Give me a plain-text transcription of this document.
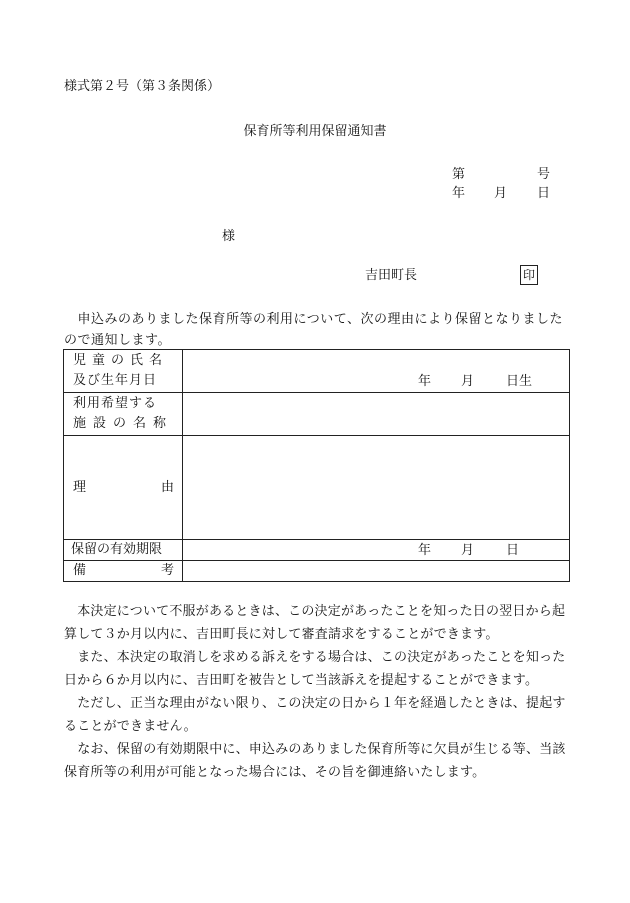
様式第２号（第３条関係）
保育所等利用保留通知書
第	号
年 月 日
様
吉田町長	印
　申込みのありました保育所等の利用について、次の理由により保留となりましたので通知します。
児童の氏名
及び生年月日	年 月 日生

利用希望する
施設の名称	

理 由	

保留の有効期限	年 月 日

備 考	

　本決定について不服があるときは、この決定があったことを知った日の翌日から起算して３か月以内に、吉田町長に対して審査請求をすることができます。

　また、本決定の取消しを求める訴えをする場合は、この決定があったことを知った日から６か月以内に、吉田町を被告として当該訴えを提起することができます。

　ただし、正当な理由がない限り、この決定の日から１年を経過したときは、提起することができません。

　なお、保留の有効期限中に、申込みのありました保育所等に欠員が生じる等、当該保育所等の利用が可能となった場合には、その旨を御連絡いたします。
